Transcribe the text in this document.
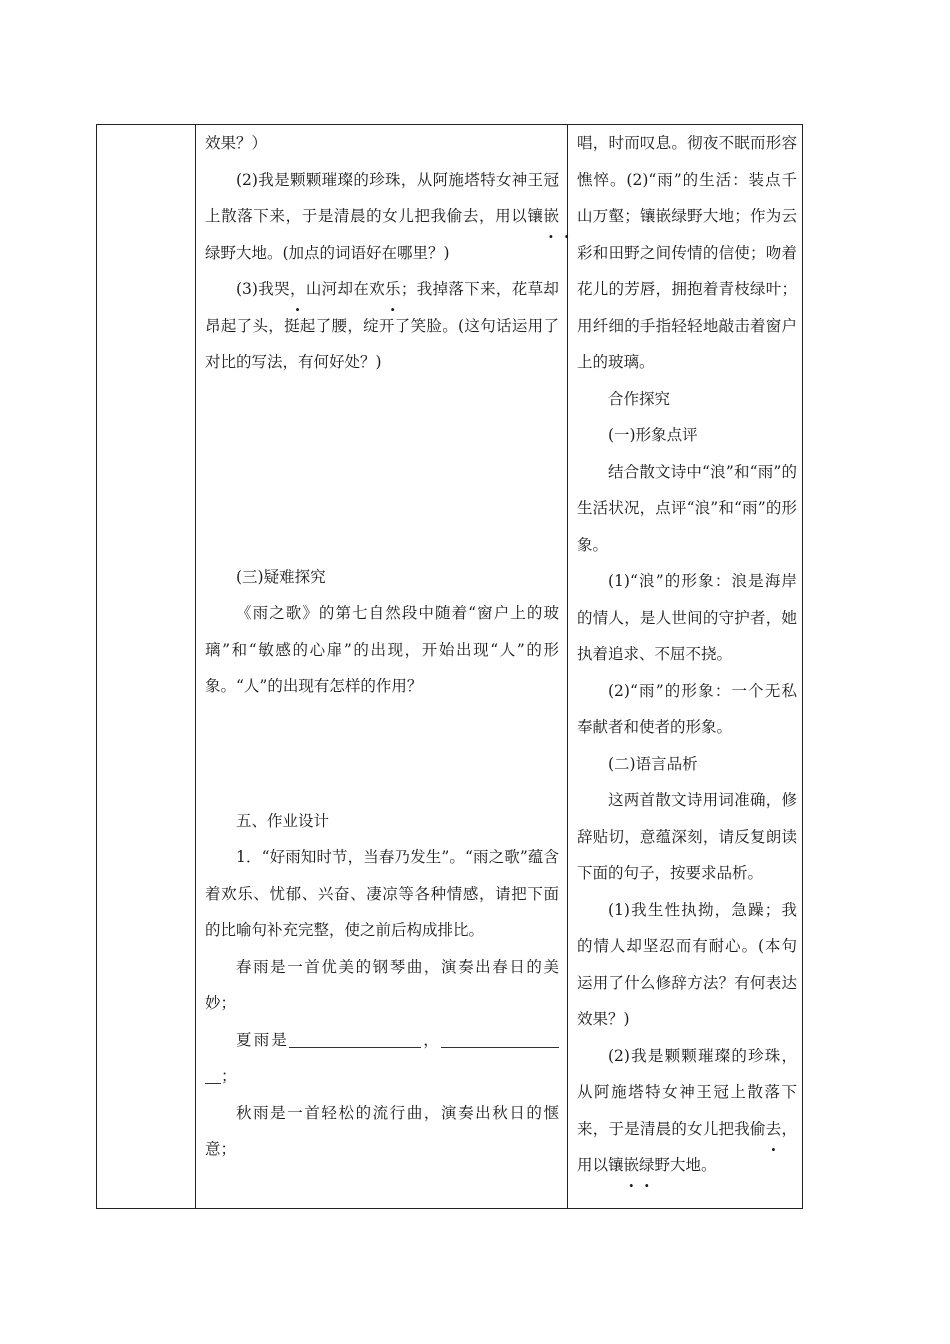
效果？）

(2)我是颗颗璀璨的珍珠，从阿施塔特女神王冠上散落下来，于是清晨的女儿把我偷去，用以镶嵌绿野大地。(加点的词语好在哪里？)

(3)我哭，山河却在欢乐；我掉落下来，花草却昂起了头，挺起了腰，绽开了笑脸。(这句话运用了对比的写法，有何好处？)

(三)疑难探究

《雨之歌》的第七自然段中随着“窗户上的玻璃”和“敏感的心扉”的出现，开始出现“人”的形象。“人”的出现有怎样的作用？

五、作业设计

1．“好雨知时节，当春乃发生”。“雨之歌”蕴含着欢乐、忧郁、兴奋、凄凉等各种情感，请把下面的比喻句补充完整，使之前后构成排比。

春雨是一首优美的钢琴曲，演奏出春日的美妙；

夏雨是	，；

秋雨是一首轻松的流行曲，演奏出秋日的惬意；

唱，时而叹息。彻夜不眠而形容憔悴。(2)“雨”的生活：装点千山万壑；镶嵌绿野大地；作为云彩和田野之间传情的信使；吻着花儿的芳唇，拥抱着青枝绿叶；用纤细的手指轻轻地敲击着窗户上的玻璃。

合作探究

(一)形象点评

结合散文诗中“浪”和“雨”的生活状况，点评“浪”和“雨”的形象。

(1)“浪”的形象：浪是海岸的情人，是人世间的守护者，她执着追求、不屈不挠。

(2)“雨”的形象：一个无私奉献者和使者的形象。

(二)语言品析

这两首散文诗用词准确，修辞贴切，意蕴深刻，请反复朗读下面的句子，按要求品析。

(1)我生性执拗，急躁；我的情人却坚忍而有耐心。(本句运用了什么修辞方法？有何表达效果？)

(2)我是颗颗璀璨的珍珠，从阿施塔特女神王冠上散落下来，于是清晨的女儿把我偷去，用以镶嵌绿野大地。
